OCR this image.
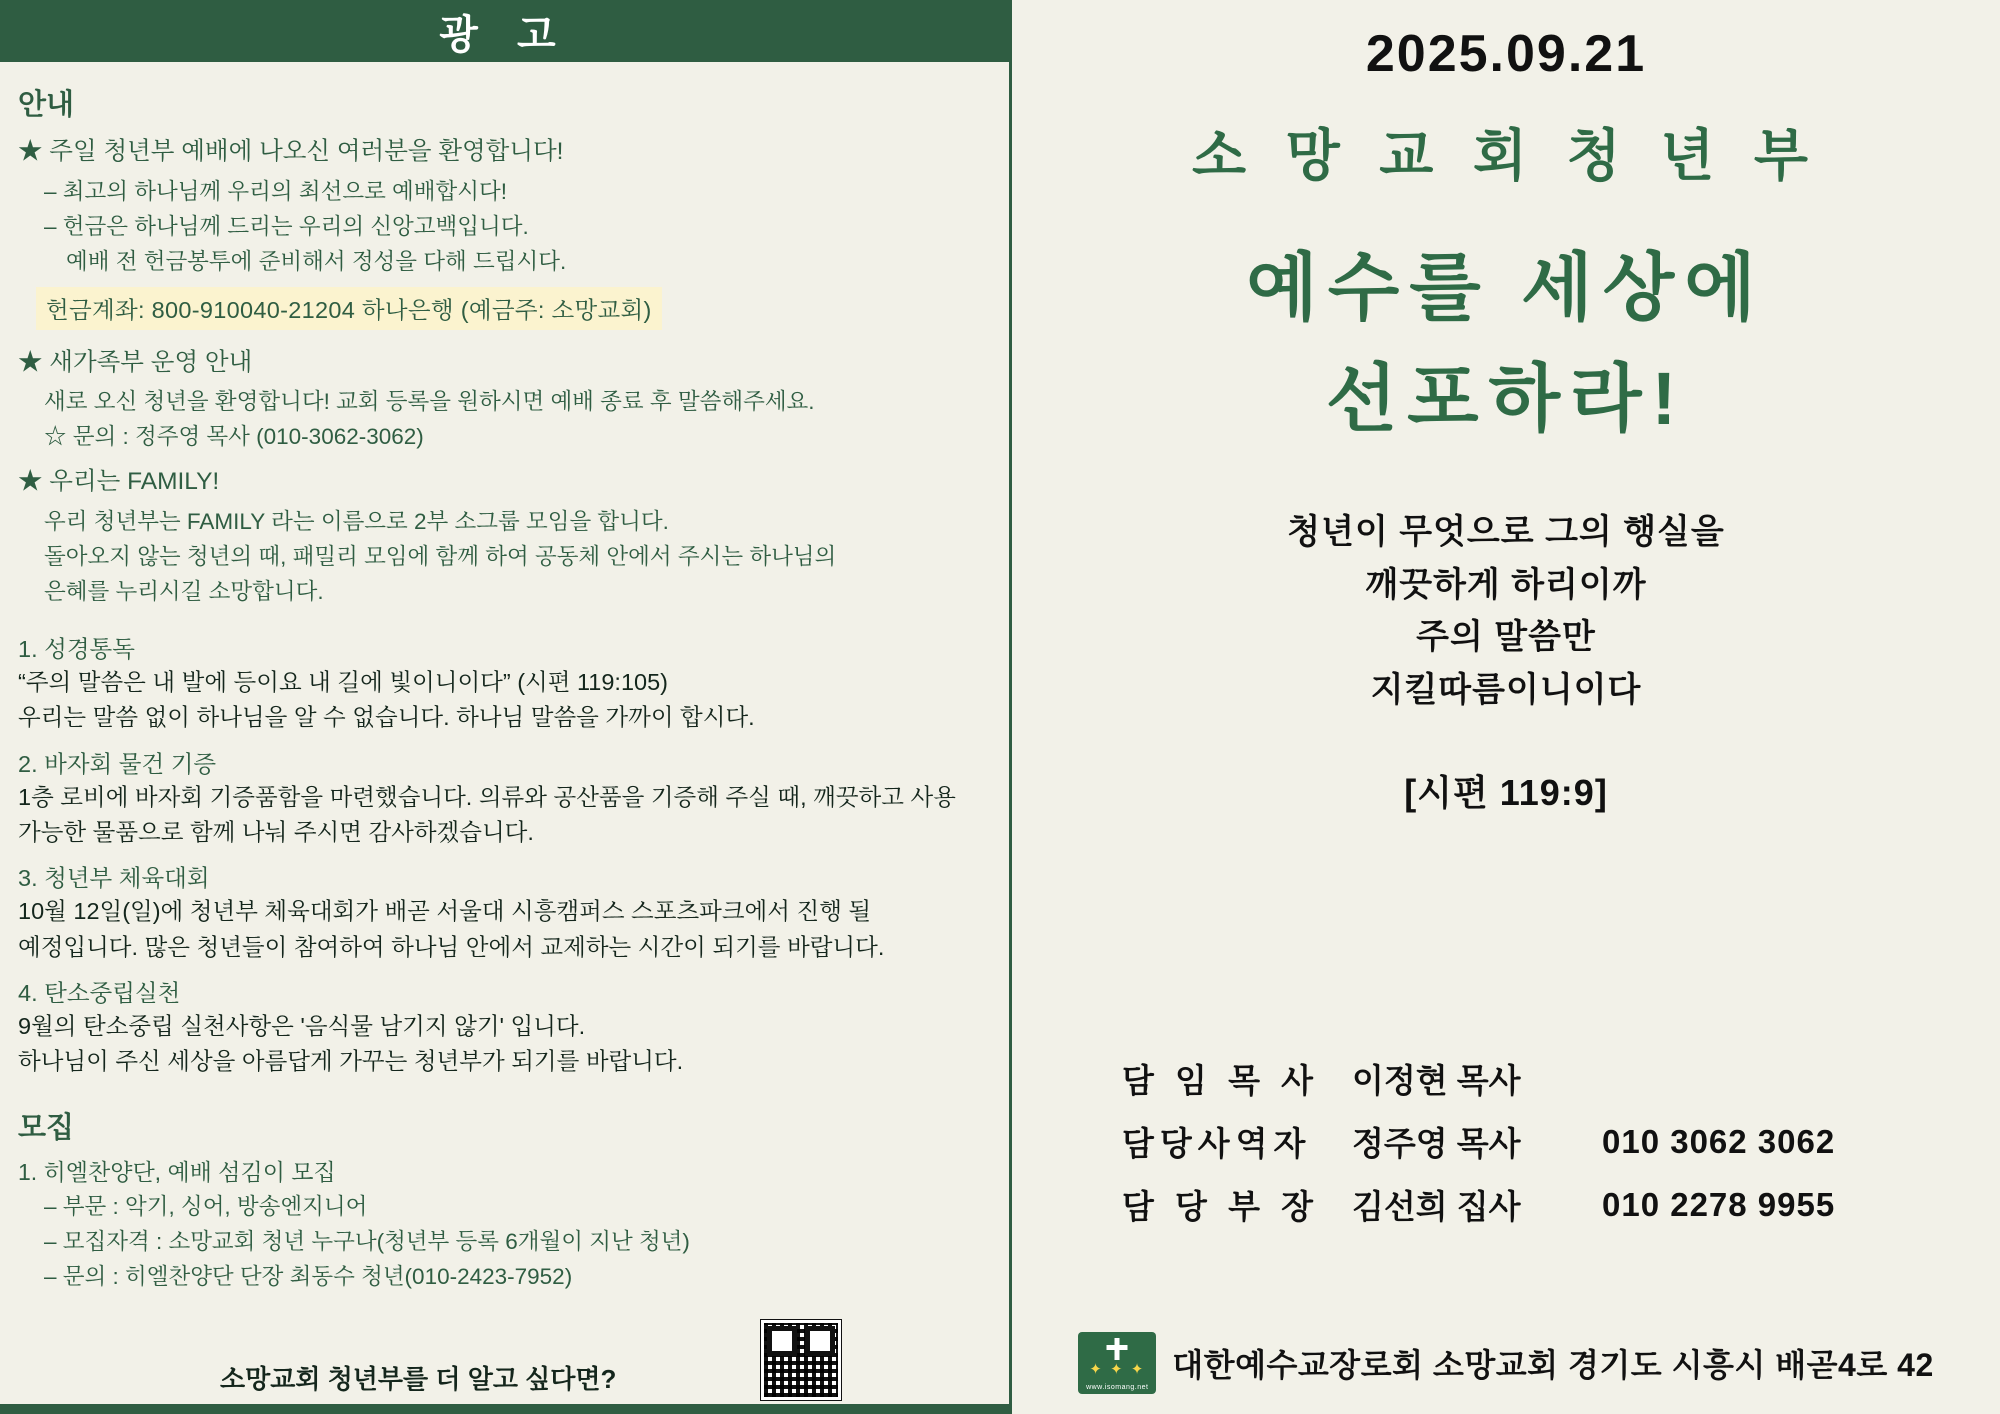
광 고
안내
★ 주일 청년부 예배에 나오신 여러분을 환영합니다!
– 최고의 하나님께 우리의 최선으로 예배합시다!
– 헌금은 하나님께 드리는 우리의 신앙고백입니다.
예배 전 헌금봉투에 준비해서 정성을 다해 드립시다.
헌금계좌: 800-910040-21204 하나은행 (예금주: 소망교회)
★ 새가족부 운영 안내
새로 오신 청년을 환영합니다! 교회 등록을 원하시면 예배 종료 후 말씀해주세요.
☆ 문의 : 정주영 목사 (010-3062-3062)
★ 우리는 FAMILY!
우리 청년부는 FAMILY 라는 이름으로 2부 소그룹 모임을 합니다.
돌아오지 않는 청년의 때, 패밀리 모임에 함께 하여 공동체 안에서 주시는 하나님의
은혜를 누리시길 소망합니다.
1. 성경통독
“주의 말씀은 내 발에 등이요 내 길에 빛이니이다” (시편 119:105)
우리는 말씀 없이 하나님을 알 수 없습니다. 하나님 말씀을 가까이 합시다.
2. 바자회 물건 기증
1층 로비에 바자회 기증품함을 마련했습니다. 의류와 공산품을 기증해 주실 때, 깨끗하고 사용
가능한 물품으로 함께 나눠 주시면 감사하겠습니다.
3. 청년부 체육대회
10월 12일(일)에 청년부 체육대회가 배곧 서울대 시흥캠퍼스 스포츠파크에서 진행 될
예정입니다. 많은 청년들이 참여하여 하나님 안에서 교제하는 시간이 되기를 바랍니다.
4. 탄소중립실천
9월의 탄소중립 실천사항은 '음식물 남기지 않기' 입니다.
하나님이 주신 세상을 아름답게 가꾸는 청년부가 되기를 바랍니다.
모집
1. 히엘찬양단, 예배 섬김이 모집
– 부문 : 악기, 싱어, 방송엔지니어
– 모집자격 : 소망교회 청년 누구나(청년부 등록 6개월이 지난 청년)
– 문의 : 히엘찬양단 단장 최동수 청년(010-2423-7952)
소망교회 청년부를 더 알고 싶다면?
2025.09.21
소 망 교 회 청 년 부
예수를 세상에
선포하라!
청년이 무엇으로 그의 행실을
깨끗하게 하리이까
주의 말씀만
지킬따름이니이다
[시편 119:9]
담 임 목 사 이정현 목사
담당사역자	정주영 목사	010 3062 3062
담 당 부 장 김선희 집사	010 2278 9955
✦ ✦ ✦
www.isomang.net
대한예수교장로회 소망교회 경기도 시흥시 배곧4로 42
